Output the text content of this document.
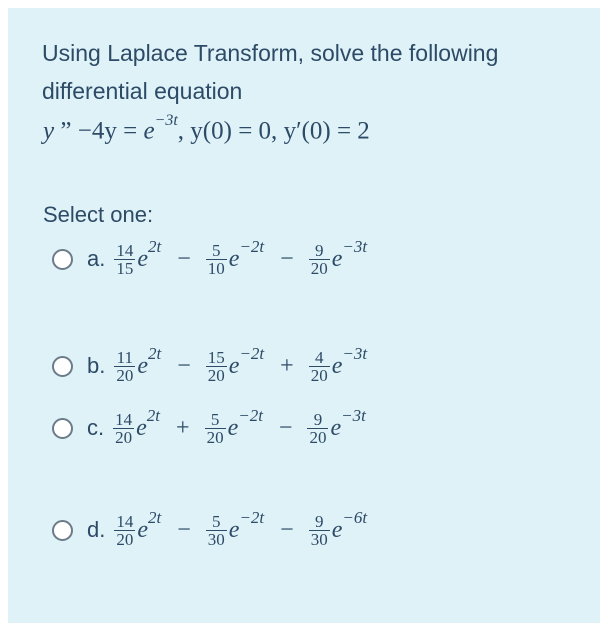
Using Laplace Transform, solve the following differential equation
y ” $-4y = e^{-3t}$, y(0) = 0, y′(0) = 2
Select one:
a. $\frac{14}{15}$ e $2t - \frac{5}{10}$ $e -2t - \frac{9}{20}$ e −3t
b. $\frac{11}{20}$ e $2t - \frac{15}{20}$ $e -2t + \frac{4}{20}$ e −3t
c. $\frac{14}{20}$ e $2t + \frac{5}{20}$ $e -2t - \frac{9}{20}$ e −3t
d. $\frac{14}{20}$ e $2t - \frac{5}{30}$ $e -2t - \frac{9}{30}$ e −6t
